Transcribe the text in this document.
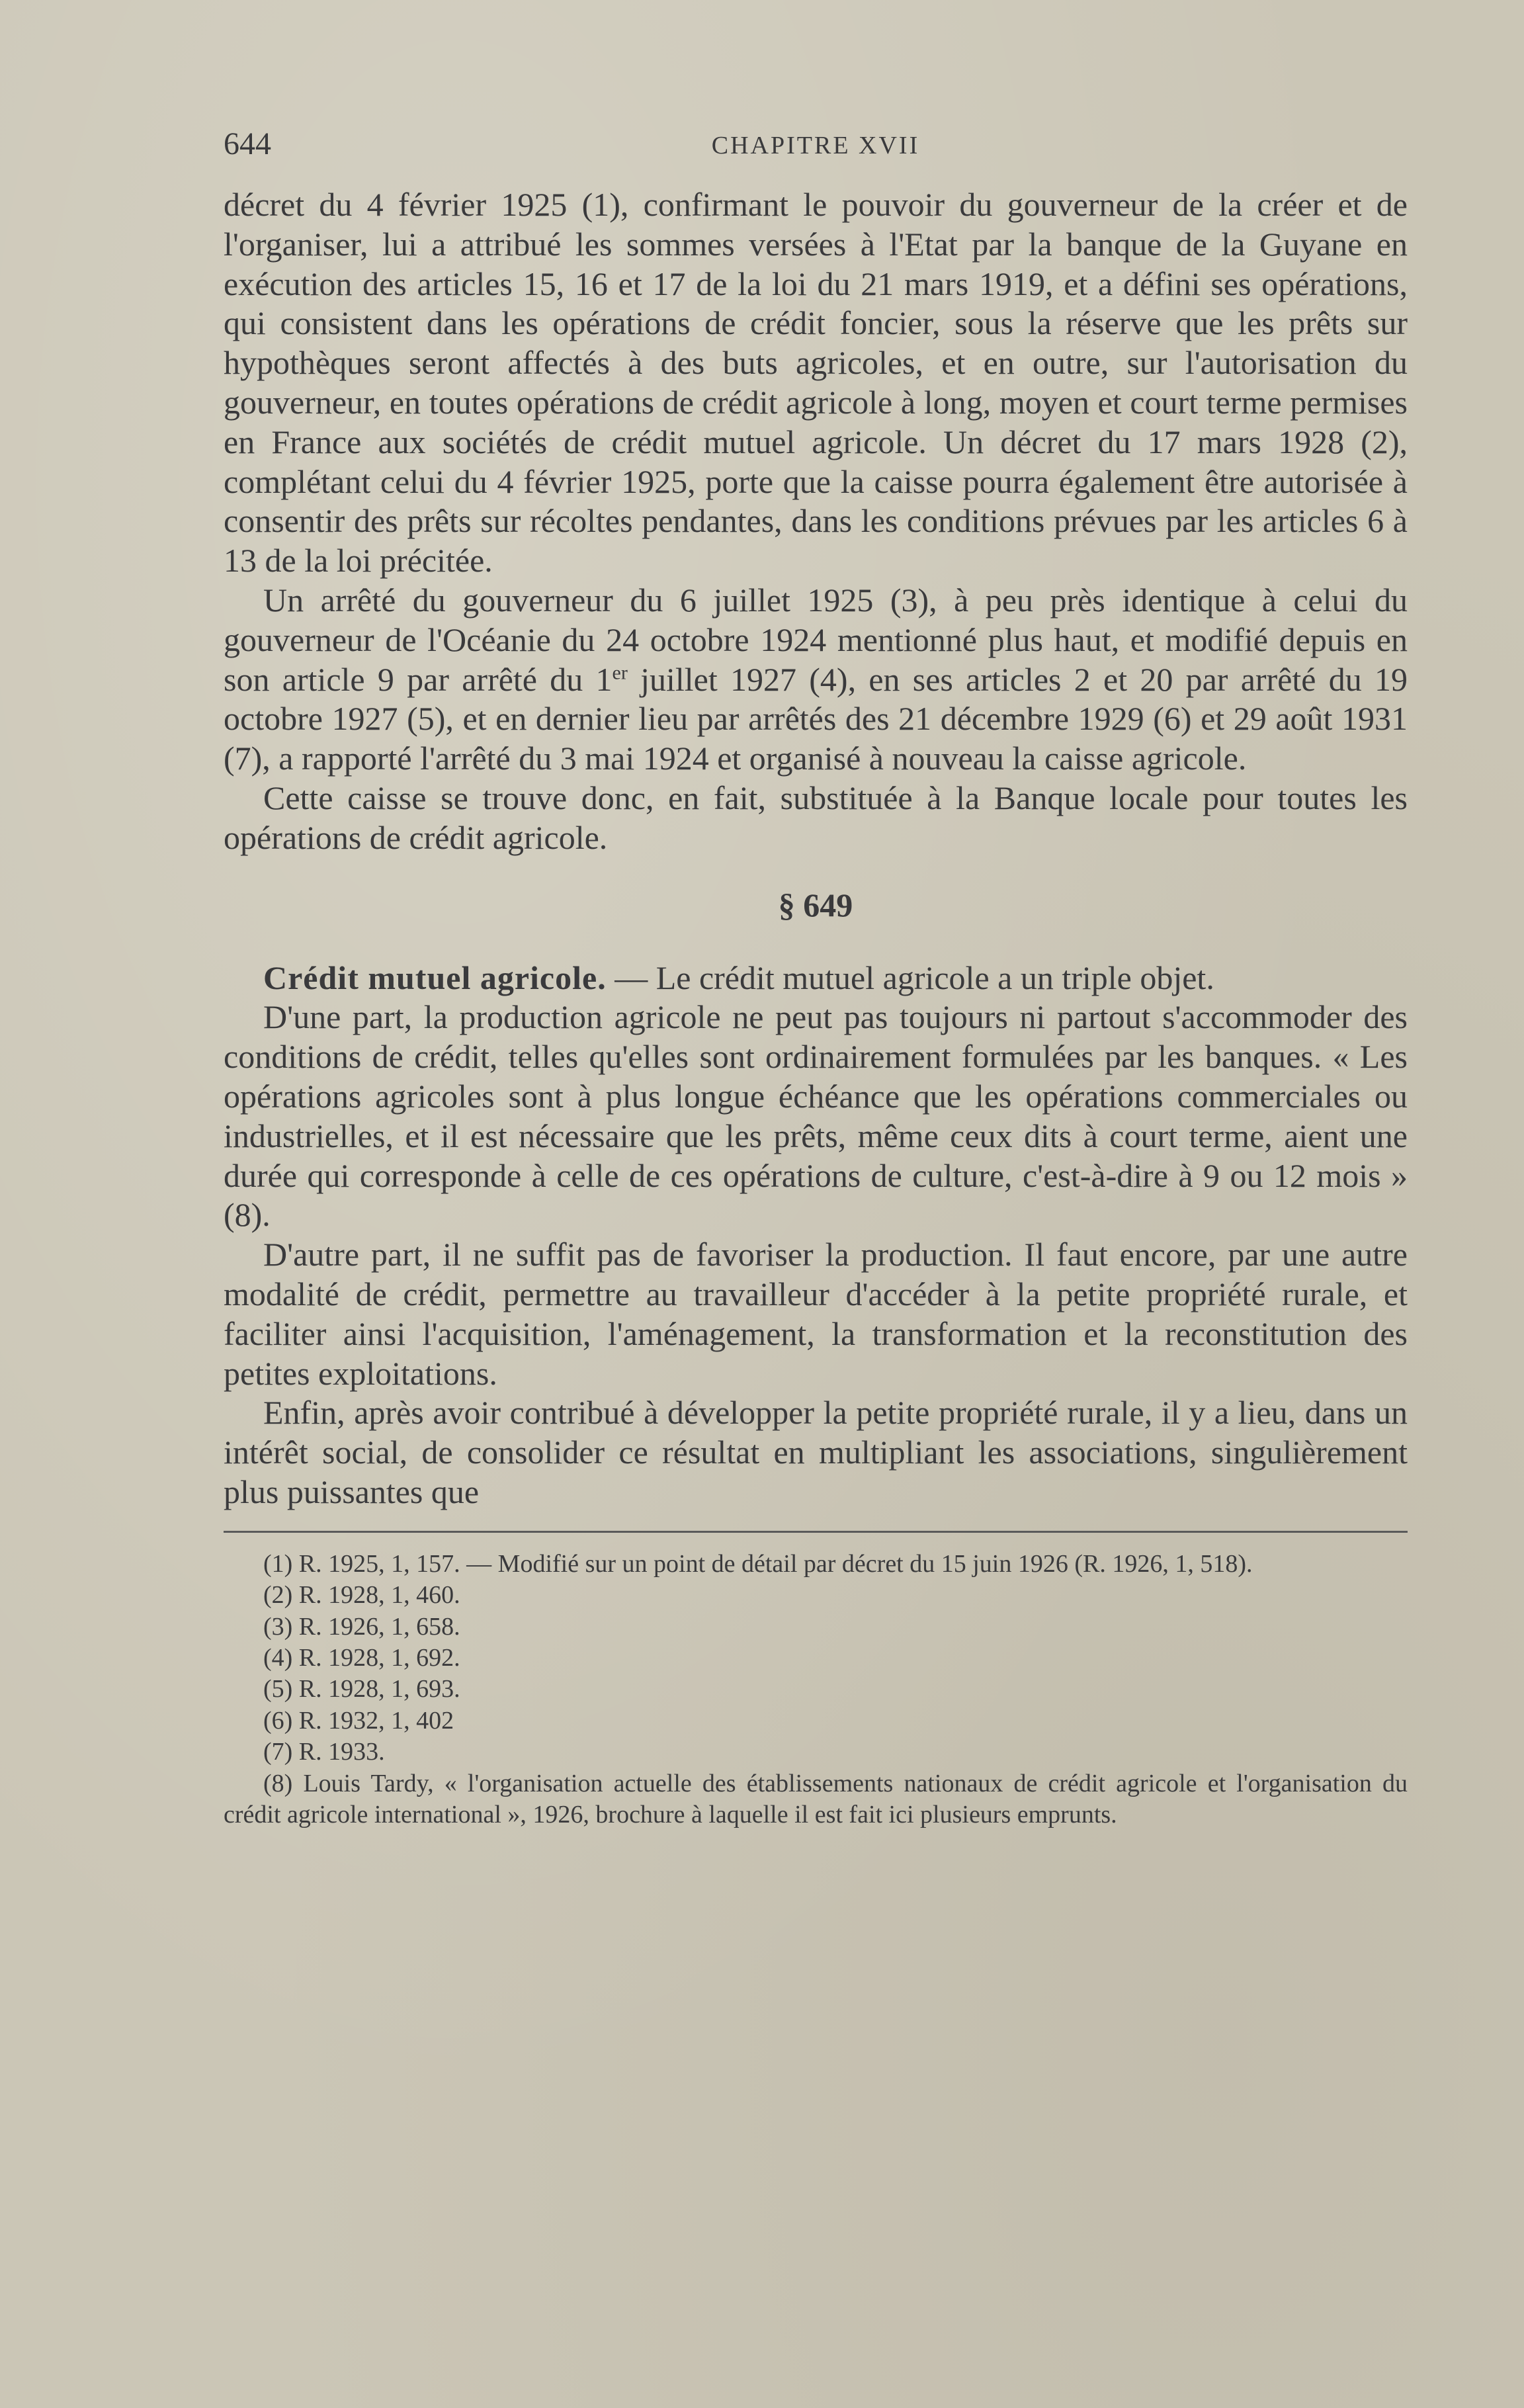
644	CHAPITRE XVII

décret du 4 février 1925 (1), confirmant le pouvoir du gouverneur de la créer et de l'organiser, lui a attribué les sommes versées à l'Etat par la banque de la Guyane en exécution des articles 15, 16 et 17 de la loi du 21 mars 1919, et a défini ses opérations, qui consistent dans les opérations de crédit foncier, sous la réserve que les prêts sur hypothèques seront affectés à des buts agricoles, et en outre, sur l'autorisation du gouverneur, en toutes opérations de crédit agricole à long, moyen et court terme permises en France aux sociétés de crédit mutuel agricole. Un décret du 17 mars 1928 (2), complétant celui du 4 février 1925, porte que la caisse pourra également être autorisée à consentir des prêts sur récoltes pendantes, dans les conditions prévues par les articles 6 à 13 de la loi précitée.

Un arrêté du gouverneur du 6 juillet 1925 (3), à peu près identique à celui du gouverneur de l'Océanie du 24 octobre 1924 mentionné plus haut, et modifié depuis en son article 9 par arrêté du 1er juillet 1927 (4), en ses articles 2 et 20 par arrêté du 19 octobre 1927 (5), et en dernier lieu par arrêtés des 21 décembre 1929 (6) et 29 août 1931 (7), a rapporté l'arrêté du 3 mai 1924 et organisé à nouveau la caisse agricole.

Cette caisse se trouve donc, en fait, substituée à la Banque locale pour toutes les opérations de crédit agricole.

§ 649

Crédit mutuel agricole. — Le crédit mutuel agricole a un triple objet.

D'une part, la production agricole ne peut pas toujours ni partout s'accommoder des conditions de crédit, telles qu'elles sont ordinairement formulées par les banques. « Les opérations agricoles sont à plus longue échéance que les opérations commerciales ou industrielles, et il est nécessaire que les prêts, même ceux dits à court terme, aient une durée qui corresponde à celle de ces opérations de culture, c'est-à-dire à 9 ou 12 mois » (8).

D'autre part, il ne suffit pas de favoriser la production. Il faut encore, par une autre modalité de crédit, permettre au travailleur d'accéder à la petite propriété rurale, et faciliter ainsi l'acquisition, l'aménagement, la transformation et la reconstitution des petites exploitations.

Enfin, après avoir contribué à développer la petite propriété rurale, il y a lieu, dans un intérêt social, de consolider ce résultat en multipliant les associations, singulièrement plus puissantes que

(1) R. 1925, 1, 157. — Modifié sur un point de détail par décret du 15 juin 1926 (R. 1926, 1, 518).

(2) R. 1928, 1, 460.

(3) R. 1926, 1, 658.

(4) R. 1928, 1, 692.

(5) R. 1928, 1, 693.

(6) R. 1932, 1, 402

(7) R. 1933.

(8) Louis Tardy, « l'organisation actuelle des établissements nationaux de crédit agricole et l'organisation du crédit agricole international », 1926, brochure à laquelle il est fait ici plusieurs emprunts.
